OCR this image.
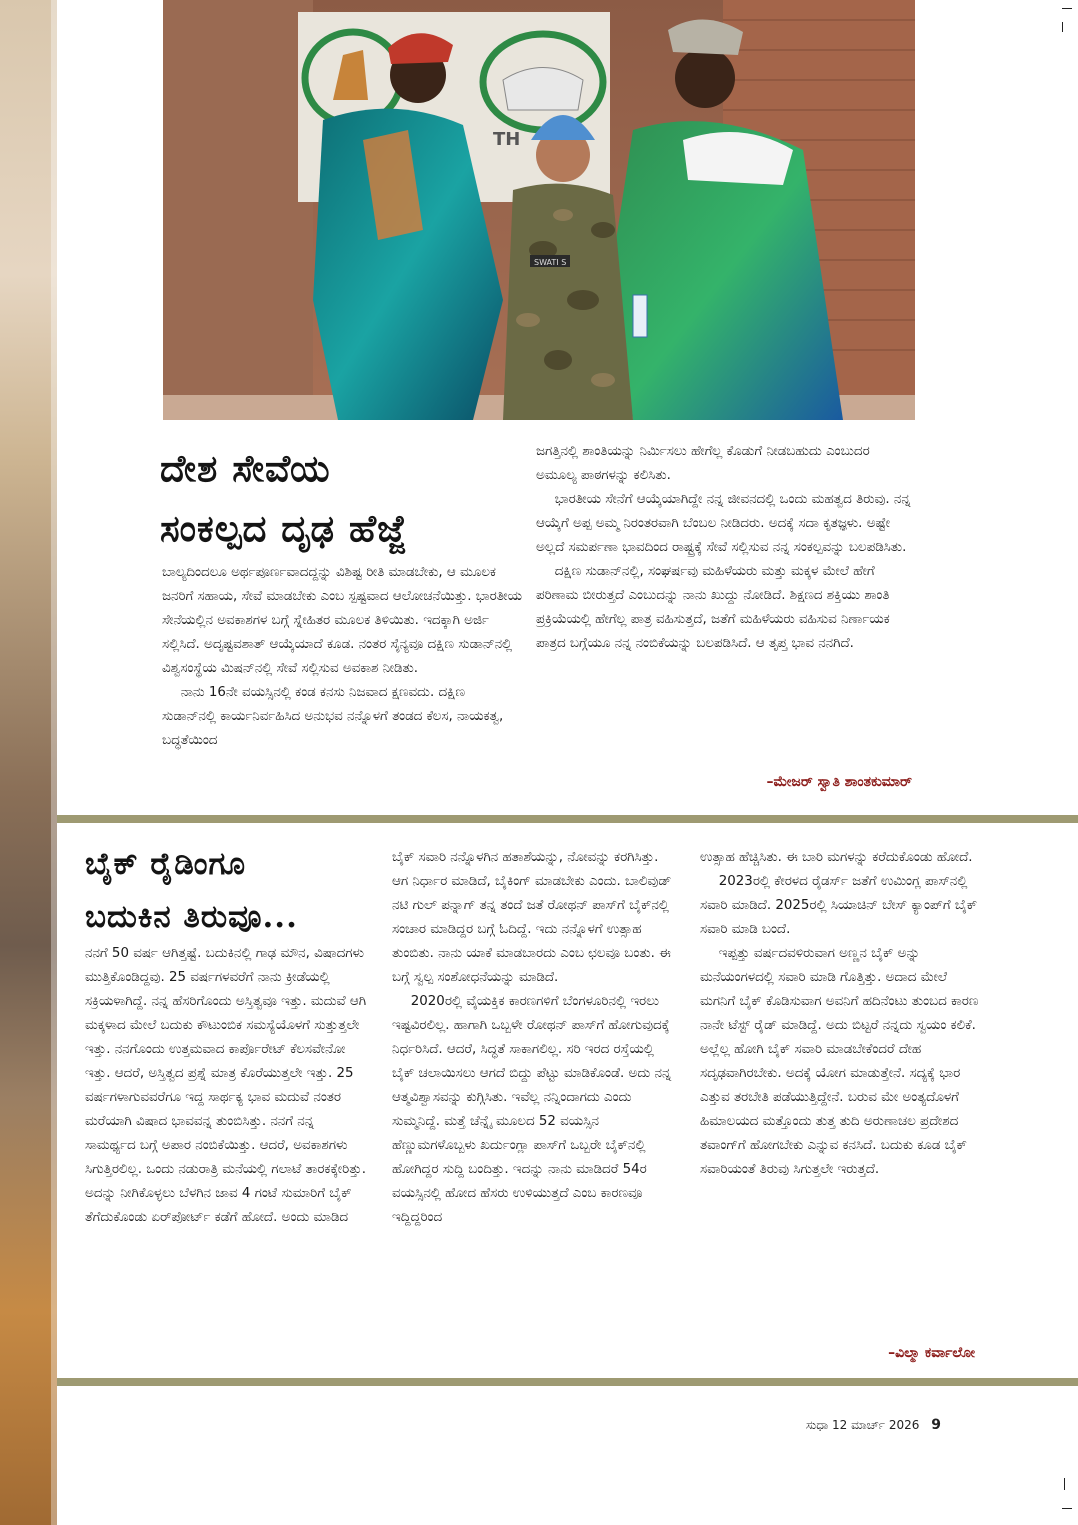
TH
SWATI S
ದೇಶ ಸೇವೆಯ
ಸಂಕಲ್ಪದ ದೃಢ ಹೆಜ್ಜೆ

ಬಾಲ್ಯದಿಂದಲೂ ಅರ್ಥಪೂರ್ಣವಾದದ್ದನ್ನು ವಿಶಿಷ್ಟ ರೀತಿ ಮಾಡಬೇಕು, ಆ ಮೂಲಕ ಜನರಿಗೆ ಸಹಾಯ, ಸೇವೆ ಮಾಡಬೇಕು ಎಂಬ ಸ್ಪಷ್ಟವಾದ ಆಲೋಚನೆಯಿತ್ತು. ಭಾರತೀಯ ಸೇನೆಯಲ್ಲಿನ ಅವಕಾಶಗಳ ಬಗ್ಗೆ ಸ್ನೇಹಿತರ ಮೂಲಕ ತಿಳಿಯಿತು. ಇದಕ್ಕಾಗಿ ಅರ್ಜಿ ಸಲ್ಲಿಸಿದೆ. ಅದೃಷ್ಟವಶಾತ್ ಆಯ್ಕೆಯಾದೆ ಕೂಡ. ನಂತರ ಸೈನ್ಯವೂ ದಕ್ಷಿಣ ಸುಡಾನ್‌ನಲ್ಲಿ ವಿಶ್ವಸಂಸ್ಥೆಯ ಮಿಷನ್‌ನಲ್ಲಿ ಸೇವೆ ಸಲ್ಲಿಸುವ ಅವಕಾಶ ನೀಡಿತು.

ನಾನು 16ನೇ ವಯಸ್ಸಿನಲ್ಲಿ ಕಂಡ ಕನಸು ನಿಜವಾದ ಕ್ಷಣವದು. ದಕ್ಷಿಣ ಸುಡಾನ್‌ನಲ್ಲಿ ಕಾರ್ಯನಿರ್ವಹಿಸಿದ ಅನುಭವ ನನ್ನೊಳಗೆ ತಂಡದ ಕೆಲಸ, ನಾಯಕತ್ವ, ಬದ್ಧತೆಯಿಂದ

ಜಗತ್ತಿನಲ್ಲಿ ಶಾಂತಿಯನ್ನು ನಿರ್ಮಿಸಲು ಹೇಗೆಲ್ಲ ಕೊಡುಗೆ ನೀಡಬಹುದು ಎಂಬುದರ ಅಮೂಲ್ಯ ಪಾಠಗಳನ್ನು ಕಲಿಸಿತು.

ಭಾರತೀಯ ಸೇನೆಗೆ ಆಯ್ಕೆಯಾಗಿದ್ದೇ ನನ್ನ ಜೀವನದಲ್ಲಿ ಒಂದು ಮಹತ್ವದ ತಿರುವು. ನನ್ನ ಆಯ್ಕೆಗೆ ಅಪ್ಪ ಅಮ್ಮ ನಿರಂತರವಾಗಿ ಬೆಂಬಲ ನೀಡಿದರು. ಅದಕ್ಕೆ ಸದಾ ಕೃತಜ್ಞಳು. ಅಷ್ಟೇ ಅಲ್ಲದೆ ಸಮರ್ಪಣಾ ಭಾವದಿಂದ ರಾಷ್ಟ್ರಕ್ಕೆ ಸೇವೆ ಸಲ್ಲಿಸುವ ನನ್ನ ಸಂಕಲ್ಪವನ್ನು ಬಲಪಡಿಸಿತು.

ದಕ್ಷಿಣ ಸುಡಾನ್‌ನಲ್ಲಿ, ಸಂಘರ್ಷವು ಮಹಿಳೆಯರು ಮತ್ತು ಮಕ್ಕಳ ಮೇಲೆ ಹೇಗೆ ಪರಿಣಾಮ ಬೀರುತ್ತದೆ ಎಂಬುದನ್ನು ನಾನು ಖುದ್ದು ನೋಡಿದೆ. ಶಿಕ್ಷಣದ ಶಕ್ತಿಯು ಶಾಂತಿ ಪ್ರಕ್ರಿಯೆಯಲ್ಲಿ ಹೇಗೆಲ್ಲ ಪಾತ್ರ ವಹಿಸುತ್ತದೆ, ಜತೆಗೆ ಮಹಿಳೆಯರು ವಹಿಸುವ ನಿರ್ಣಾಯಕ ಪಾತ್ರದ ಬಗ್ಗೆಯೂ ನನ್ನ ನಂಬಿಕೆಯನ್ನು ಬಲಪಡಿಸಿದೆ. ಆ ತೃಪ್ತ ಭಾವ ನನಗಿದೆ.

–ಮೇಜರ್ ಸ್ವಾತಿ ಶಾಂತಕುಮಾರ್
ಬೈಕ್ ರೈಡಿಂಗೂ
ಬದುಕಿನ ತಿರುವೂ...

ನನಗೆ 50 ವರ್ಷ ಆಗಿತ್ತಷ್ಟೆ. ಬದುಕಿನಲ್ಲಿ ಗಾಢ ಮೌನ, ವಿಷಾದಗಳು ಮುತ್ತಿಕೊಂಡಿದ್ದವು. 25 ವರ್ಷಗಳವರೆಗೆ ನಾನು ಕ್ರೀಡೆಯಲ್ಲಿ ಸಕ್ರಿಯಳಾಗಿದ್ದೆ. ನನ್ನ ಹೆಸರಿಗೊಂದು ಅಸ್ತಿತ್ವವೂ ಇತ್ತು. ಮದುವೆ ಆಗಿ ಮಕ್ಕಳಾದ ಮೇಲೆ ಬದುಕು ಕೌಟುಂಬಿಕ ಸಮಸ್ಯೆಯೊಳಗೆ ಸುತ್ತುತ್ತಲೇ ಇತ್ತು. ನನಗೊಂದು ಉತ್ತಮವಾದ ಕಾರ್ಪೊರೇಟ್ ಕೆಲಸವೇನೋ ಇತ್ತು. ಆದರೆ, ಅಸ್ತಿತ್ವದ ಪ್ರಶ್ನೆ ಮಾತ್ರ ಕೊರೆಯುತ್ತಲೇ ಇತ್ತು. 25 ವರ್ಷಗಳಾಗುವವರೆಗೂ ಇದ್ದ ಸಾರ್ಥಕ್ಯ ಭಾವ ಮದುವೆ ನಂತರ ಮರೆಯಾಗಿ ವಿಷಾದ ಭಾವವನ್ನ ತುಂಬಿಸಿತ್ತು. ನನಗೆ ನನ್ನ ಸಾಮರ್ಥ್ಯದ ಬಗ್ಗೆ ಅಪಾರ ನಂಬಿಕೆಯಿತ್ತು. ಆದರೆ, ಅವಕಾಶಗಳು ಸಿಗುತ್ತಿರಲಿಲ್ಲ. ಒಂದು ನಡುರಾತ್ರಿ ಮನೆಯಲ್ಲಿ ಗಲಾಟೆ ತಾರಕಕ್ಕೇರಿತ್ತು. ಅದನ್ನು ನೀಗಿಕೊಳ್ಳಲು ಬೆಳಗಿನ ಜಾವ 4 ಗಂಟೆ ಸುಮಾರಿಗೆ ಬೈಕ್ ತೆಗೆದುಕೊಂಡು ಏರ್‌ಪೋರ್ಟ್ ಕಡೆಗೆ ಹೋದೆ. ಅಂದು ಮಾಡಿದ

ಬೈಕ್ ಸವಾರಿ ನನ್ನೊಳಗಿನ ಹತಾಶೆಯನ್ನು, ನೋವನ್ನು ಕರಗಿಸಿತ್ತು. ಆಗ ನಿರ್ಧಾರ ಮಾಡಿದೆ, ಬೈಕಿಂಗ್ ಮಾಡಬೇಕು ಎಂದು. ಬಾಲಿವುಡ್ ನಟಿ ಗುಲ್ ಪನ್ನಾಗ್ ತನ್ನ ತಂದೆ ಜತೆ ರೋಥನ್ ಪಾಸ್‌ಗೆ ಬೈಕ್‌ನಲ್ಲಿ ಸಂಚಾರ ಮಾಡಿದ್ದರ ಬಗ್ಗೆ ಓದಿದ್ದೆ. ಇದು ನನ್ನೊಳಗೆ ಉತ್ಸಾಹ ತುಂಬಿತು. ನಾನು ಯಾಕೆ ಮಾಡಬಾರದು ಎಂಬ ಛಲವೂ ಬಂತು. ಈ ಬಗ್ಗೆ ಸ್ವಲ್ಪ ಸಂಶೋಧನೆಯನ್ನು ಮಾಡಿದೆ.

2020ರಲ್ಲಿ ವೈಯಕ್ತಿಕ ಕಾರಣಗಳಿಗೆ ಬೆಂಗಳೂರಿನಲ್ಲಿ ಇರಲು ಇಷ್ಟವಿರಲಿಲ್ಲ. ಹಾಗಾಗಿ ಒಬ್ಬಳೇ ರೋಥನ್ ಪಾಸ್‌ಗೆ ಹೋಗುವುದಕ್ಕೆ ನಿರ್ಧರಿಸಿದೆ. ಆದರೆ, ಸಿದ್ಧತೆ ಸಾಕಾಗಲಿಲ್ಲ. ಸರಿ ಇರದ ರಸ್ತೆಯಲ್ಲಿ ಬೈಕ್ ಚಲಾಯಿಸಲು ಆಗದೆ ಬಿದ್ದು ಪೆಟ್ಟು ಮಾಡಿಕೊಂಡೆ. ಅದು ನನ್ನ ಆತ್ಮವಿಶ್ವಾಸವನ್ನು ಕುಗ್ಗಿಸಿತು. ಇವೆಲ್ಲ ನನ್ನಿಂದಾಗದು ಎಂದು ಸುಮ್ಮನಿದ್ದೆ. ಮತ್ತೆ ಚೆನ್ನೈ ಮೂಲದ 52 ವಯಸ್ಸಿನ ಹೆಣ್ಣುಮಗಳೊಬ್ಬಳು ಖರ್ದುಂಗ್ಲಾ ಪಾಸ್‌ಗೆ ಒಬ್ಬರೇ ಬೈಕ್‌ನಲ್ಲಿ ಹೋಗಿದ್ದರ ಸುದ್ದಿ ಬಂದಿತ್ತು. ಇದನ್ನು ನಾನು ಮಾಡಿದರೆ 54ರ ವಯಸ್ಸಿನಲ್ಲಿ ಹೋದ ಹೆಸರು ಉಳಿಯುತ್ತದೆ ಎಂಬ ಕಾರಣವೂ ಇದ್ದಿದ್ದರಿಂದ

ಉತ್ಸಾಹ ಹೆಚ್ಚಿಸಿತು. ಈ ಬಾರಿ ಮಗಳನ್ನು ಕರೆದುಕೊಂಡು ಹೋದೆ.

2023ರಲ್ಲಿ ಕೇರಳದ ರೈಡರ್ಸ್ ಜತೆಗೆ ಉಮಿಂಗ್ಲ ಪಾಸ್‌ನಲ್ಲಿ ಸವಾರಿ ಮಾಡಿದೆ. 2025ರಲ್ಲಿ ಸಿಯಾಚಿನ್ ಬೇಸ್ ಕ್ಯಾಂಪ್‌ಗೆ ಬೈಕ್ ಸವಾರಿ ಮಾಡಿ ಬಂದೆ.

ಇಪ್ಪತ್ತು ವರ್ಷದವಳಿರುವಾಗ ಅಣ್ಣನ ಬೈಕ್ ಅನ್ನು ಮನೆಯಂಗಳದಲ್ಲಿ ಸವಾರಿ ಮಾಡಿ ಗೊತ್ತಿತ್ತು. ಅದಾದ ಮೇಲೆ ಮಗನಿಗೆ ಬೈಕ್ ಕೊಡಿಸುವಾಗ ಅವನಿಗೆ ಹದಿನೆಂಟು ತುಂಬದ ಕಾರಣ ನಾನೇ ಟೆಸ್ಟ್ ರೈಡ್ ಮಾಡಿದ್ದೆ. ಅದು ಬಿಟ್ಟರೆ ನನ್ನದು ಸ್ವಯಂ ಕಲಿಕೆ. ಅಲ್ಲೆಲ್ಲ ಹೋಗಿ ಬೈಕ್ ಸವಾರಿ ಮಾಡಬೇಕೆಂದರೆ ದೇಹ ಸದೃಢವಾಗಿರಬೇಕು. ಅದಕ್ಕೆ ಯೋಗ ಮಾಡುತ್ತೇನೆ. ಸದ್ಯಕ್ಕೆ ಭಾರ ಎತ್ತುವ ತರಬೇತಿ ಪಡೆಯುತ್ತಿದ್ದೇನೆ. ಬರುವ ಮೇ ಅಂತ್ಯದೊಳಗೆ ಹಿಮಾಲಯದ ಮತ್ತೊಂದು ತುತ್ತ ತುದಿ ಅರುಣಾಚಲ ಪ್ರದೇಶದ ತವಾಂಗ್‌ಗೆ ಹೋಗಬೇಕು ಎನ್ನುವ ಕನಸಿದೆ. ಬದುಕು ಕೂಡ ಬೈಕ್ ಸವಾರಿಯಂತೆ ತಿರುವು ಸಿಗುತ್ತಲೇ ಇರುತ್ತದೆ.

–ವಿಲ್ಮಾ ಕರ್ವಾಲೋ
ಸುಧಾ 12 ಮಾರ್ಚ್ 2026 9
